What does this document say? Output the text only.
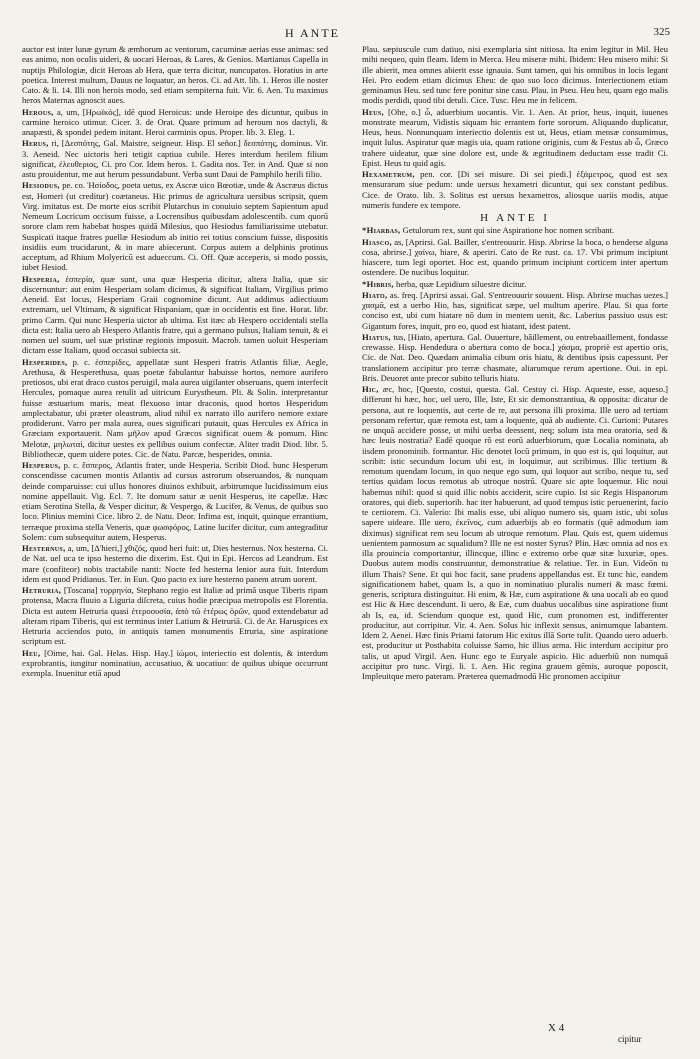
H ANTE	325

auctor est inter lunæ gyrum & æmborum ac ventorum, cacuminæ aerias esse animas: sed eas animo, non oculis uideri, & uocari Heroas, & Lares, & Genios. Martianus Capella in nuptijs Philologiæ, dicit Heroas ab Hera, quæ terra dicitur, nuncupatos. Horatius in arte poetica. Interest multum, Dauus ne loquatur, an heros. Ci. ad Att. lib. 1. Heros ille noster Cato. & li. 14. Illi non herois modo, sed etiam sempiterna fuit. Vir. 6. Aen. Tu maximus heros Maternas agnoscit aues.

Herous, a, um, [Ηρωϊκός], idē quod Heroicus: unde Heroipe des dicuntur, quibus in carmine heroico utimur. Cicer. 3. de Orat. Quare primum ad heroum nos dactyli, & anapæsti, & spondei pedem initant. Heroi carminis opus. Proper. lib. 3. Eleg. 1.

Herus, ri, [Δεσπότης, Gal. Maistre, seigneur. Hisp. El señor.] δεσπότης, dominus. Vir. 3. Aeneid. Nec uictoris heri tetigit captiua cubile. Heres interdum herilem filium significat, ἐλευθεριος, Ci. pro Cor. Idem heros. 1. Gadita nos. Ter. in And. Quæ si non astu prouidentur, me aut herum pessundabunt. Verba sunt Daui de Pamphilo herili filio.

Hesiodus, pe. co. Ἡσίοδος, poeta uetus, ex Ascræ uico Bœotiæ, unde & Ascræus dictus est, Homeri (ut creditur) coætaneus. Hic primus de agricultura uersibus scripsit, quem Virg. imitatus est. De morte eius scribit Plutarchus in conuiuio septem Sapientum apud Nemeum Locricum occisum fuisse, a Locrensibus quibusdam adolescentib. cum quorū sorore clam rem habebat hospes quidā Milesius, quo Hesiodus familiarissime utebatur. Suspicati itaque fratres puellæ Hesiodum ab initio rei totius conscium fuisse, dispositis insidiis eum trucidarunt, & in mare abiecerunt. Corpus autem a delphinis protinus acceptum, ad Rhium Molyericū est adueccum. Ci. Off. Quæ acceperis, si modo possis, iubet Hesiod.

Hesperia, ἑσπερία, quæ sunt, una quæ Hesperia dicitur, altera Italia, quæ sic discernuntur: aut enim Hesperiam solam dicimus, & significat Italiam, Virgilius primo Aeneid. Est locus, Hesperiam Graii cognomine dicunt. Aut addimus adiectiuum extremam, uel Vltimam, & significat Hispaniam, quæ in occidentis est fine. Horat. libr. primo Carm. Qui nunc Hesperia uictor ab ultima. Est itæc ab Hespero occidentali stella dicta est: Italia uero ab Hespero Atlantis fratre, qui a germano pulsus, Italiam tenuit, & ei nomen uel suum, uel suæ pristinæ regionis imposuit. Macrob. tamen uoluit Hesperiam dictam esse Italiam, quod occasui subiecta sit.

Hesperides, p. c. ἑσπερίδες, appellatæ sunt Hesperi fratris Atlantis filiæ, Aegle, Arethusa, & Hesperethusa, quas poetæ fabulantur habuisse hortos, nemore aurifero pretiosos, ubi erat draco custos peruigil, mala aurea uigilanter obseruans, quem interfecit Hercules, pomaque aurea retulit ad uitricum Eurystheum. Pli. & Solin. interpretantur fuisse æstuarium maris, meat flexuoso intar draconis, quod hortos Hesperidum amplectabatur, ubi præter oleastrum, aliud nihil ex narrato illo aurifero nemore extare prodiderunt. Varro per mala aurea, oues significari putauit, quas Hercules ex Africa in Græciam exportauerit. Nam μῆλον apud Græcos significat ouem & pomum. Hinc Melotæ, μηλωταί, dicitur uestes ex pellibus ouium confectæ. Aliter tradit Diod. libr. 5. Bibliothecæ, quem uidere potes. Cic. de Natu. Parcæ, hesperides, omnia.

Hesperus, p. c. ἕσπερος, Atlantis frater, unde Hesperia. Scribit Diod. hunc Hesperum conscendisse cacumen montis Atlantis ad cursus astrorum obseruandos, & nunquam deinde comparuisse: cui ullus honores diuinos exhibuit, arbitrumque lucidissimum eius nomine appellauit. Vig. Ecl. 7. Ite domum satur æ uenit Hesperus, ite capellæ. Hæc etiam Serotina Stella, & Vesper dicitur, & Vespergo, & Lucifer, & Venus, de quibus suo loco. Plinius memini Cice. libro 2. de Natu. Deor. Infima est, inquit, quinque errantium, terræque proxima stella Veneris, quæ φωσφόρος, Latine lucifer dicitur, cum antegraditur Solem: cum subsequitur autem, Hesperus.

Hesternus, a, um, [Δ'hieri,] χθιζός, quod heri fuit: ut, Dies hesternus. Nox hesterna. Ci. de Nat. uel uca te ipso hesterno die dixerim. Est. Qui in Epi. Hercos ad Leandrum. Est mare (confiteor) nobis tractabile nanti: Nocte fed hesterna lenior aura fuit. Interdum idem est quod Pridianus. Ter. in Eun. Quo pacto ex iure hesterno panem atrum uorent.

Hetruria, [Toscana] τυρρηνία, Stephano regio est Italiæ ad primā usque Tiberis ripam protensa, Macra fluuio a Liguria diſcreta, cuius hodie præcipua metropolis est Florentia. Dicta est autem Hetruria quasi ἑτεροουσία, ἀπὸ τῶ ἑτέρως ὁρῶν, quod extendebatur ad alteram ripam Tiberis, qui est terminus inter Latium & Hetruriā. Ci. de Ar. Haruspices ex Hetruria acciendos puto, in antiquis tamen monumentis Etruria, sine aspiratione scriptum est.

Heu, [Oime, hai. Gal. Helas. Hisp. Hay.] ἰώμοι, interiectio est dolentis, & interdum exprobrantis, iungitur nominatiuo, accusatiuo, & uocatiuo: de quibus ubique occurrunt exempla. Inuenitur etiā apud

Plau. sæpiuscule cum datiuo, nisi exemplaria sint nitiosa. Ita enim legitur in Mil. Heu mihi nequeo, quin fleam. Idem in Merca. Heu miseræ mihi. Ibidem: Heu misero mihi: Si ille abierit, mea omnes abierit esse ignauia. Sunt tamen, qui his omnibus in locis legant Hei. Pro eodem etiam dicimus Eheu: de quo suo loco dicimus. Interiectionem etiam geminamus Heu. sed tunc fere ponitur sine casu. Plau. in Pseu. Heu heu, quam ego malis modis perdidi, quod tibi detuli. Cice. Tusc. Heu me in felicem.

Heus, [Ohe, o.] ὦ, aduerbium uocantis. Vir. 1. Aen. At prior, heus, inquit, iuuenes monstrate mearum, Vidistis siquam hic errantem forte sororum. Aliquando duplicatur, Heus, heus. Nonnunquam interiectio dolentis est ut, Heus, etiam mensæ consumimus, inquit Iulus. Aspiratur quæ magis uia, quam ratione originis, cum & Festus ab ὦ, Græco trahere uideatur, quæ sine dolore est, unde & ægritudinem deductam esse tradit Ci. Epist. Heus tu quid agis.

Hexametrum, pen. cor. [Di sei misure. Di sei piedi.] ἑξάμετρος, quod est sex mensurarum siue pedum: unde uersus hexametri dicuntur, qui sex constant pedibus. Cice. de Orato. lib. 3. Solitus est uersus hexametros, aliosque uariis modis, atque numeris fundere ex tempore.

H ANTE I

*Hiarbas, Getulorum rex, sunt qui sine Aspiratione hoc nomen scribant.

Hiasco, as, [Aprirsi. Gal. Bailler, s'entreouurir. Hisp. Abrirse la boca, o henderse alguna cosa, abrirse.] χαίνω, hiare, & aperiri. Cato de Re rust. ca. 17. Vbi primum incipiunt hiascere, tum legi oportet. Hoc est, quando primum incipiunt corticem inter apertum ostendere. De nucibus loquitur.

*Hibris, herba, quæ Lepidium siluestre dicitur.

Hiato, as. freq. [Aprirsi assai. Gal. S'entreouurir souuent. Hisp. Abrirse muchas uezes.] χασμᾶ, est a uerbo Hio, has, significat sæpe, uel multum aperire. Plau. Si qua forte conciso est, ubi cum hiatare nō dum in mentem uenit, &c. Laberius passiuo usus est: Gigantum fores, inquit, pro eo, quod est hiatant, idest patent.

Hiatus, tus, [Hiato, apertura. Gal. Ouuerture, bâillement, ou entrebaaillement, fondasse crewasse. Hisp. Hendedura o abertura como de boca.] χάσμα, propriè est apertio oris, Cic. de Nat. Deo. Quædam animalia cibum oris hiatu, & dentibus ipsis capessunt. Per translationem accipitur pro terræ chasmate, aliarumque rerum apertione. Oui. in epi. Bris. Deuoret ante precor subito telluris hiatu.

Hic, æc, hoc, [Questo, costui, questa. Gal. Cestuy ci. Hisp. Aqueste, esse, aqueso.] differunt hi hæc, hoc, uel uero, Ille, Iste, Et sic demonstrantiua, & opposita: dicatur de persona, aut re loquentis, aut certe de re, aut persona illi proxima. Ille uero ad tertiam personam refertur, quæ remota est, tam a loquente, quā ab audiente. Ci. Curioni: Putares ne unquā accidere posse, ut mihi uerba deessent, neq; solum ista mea oratoria, sed & hæc leuis nostratia? Eadē quoque rō est eorū aduerbiorum, quæ Localia nominata, ab iisdem pronominib. formantur. Hic denotet locū primum, in quo est is, qui loquitur, aut scribit: istic secundum locum ubi est, in loquimur, aut scribimus. Illic tertium & remotum quendam locum, in quo neque ego sum, qui loquor aut scribo, neque tu, sed tertius quidam locus remotus ab utroque nostrū. Quare sic apte loquemur. Hic noui habemus nihil: quod si quid illic nobis acciderit, scire cupio. Ist sic Regis Hispanorum oratores, qui dieb. superiorib. hac iter habuerunt, ad quod tempus istic peruenerint, facio te certiorem. Ci. Valerio: Ibi malis esse, ubi aliquo numero sis, quam istic, ubi solus sapere uideare. Ille uero, ἐκεῖνος, cum aduerbijs ab eo formatis (quē admodum iam diximus) significat rem seu locum ab utroque remotum. Plau. Quis est, quem uidemus uenientem pannosum ac squalidum? Ille ne est noster Syrus? Plin. Hæc omnia ad nos ex illa prouincia comportantur, illincque, illinc e extremo orbe quæ sitæ luxuriæ, opes. Duobus autem modis construuntur, demonstratiue & relatiue. Ter. in Eun. Videōn tu illum Thais? Sene. Et qui hoc facit, sane prudens appellandus est. Et tunc hic, eandem significationem habet, quam Is, a quo in nominatiuo pluralis numeri & masc fœmi. generis, scriptura distinguitur. Hi enim, & Hæ, cum aspiratione & una uocali ab eo quod est Hic & Hæc descendunt. Ii uero, & Eæ, cum duabus uocalibus sine aspiratione fiunt ab Is, ea, id. Sciendum quoque est, quod Hic, cum pronomen est, indifferenter producitur, aut corripitur. Vir. 4. Aen. Solus hic inflexit sensus, animumque labantem. Idem 2. Aenei. Hæc finis Priami fatorum Hic exitus illā Sorte tulit. Quando uero aduerb. est, producitur ut Posthabita coluisse Samo, hic illius arma. Hic interdum accipitur pro talis, ut apud Virgil. Aen. Hunc ego te Euryale aspicio. Hic aduerbiū non numquā accipitur pro tunc. Virgi. li. 1. Aen. Hic regina grauem gēmis, auroque poposcit, Impleuitque mero pateram. Præterea quemadmodū Hic pronomen accipitur

X 4
cipitur
